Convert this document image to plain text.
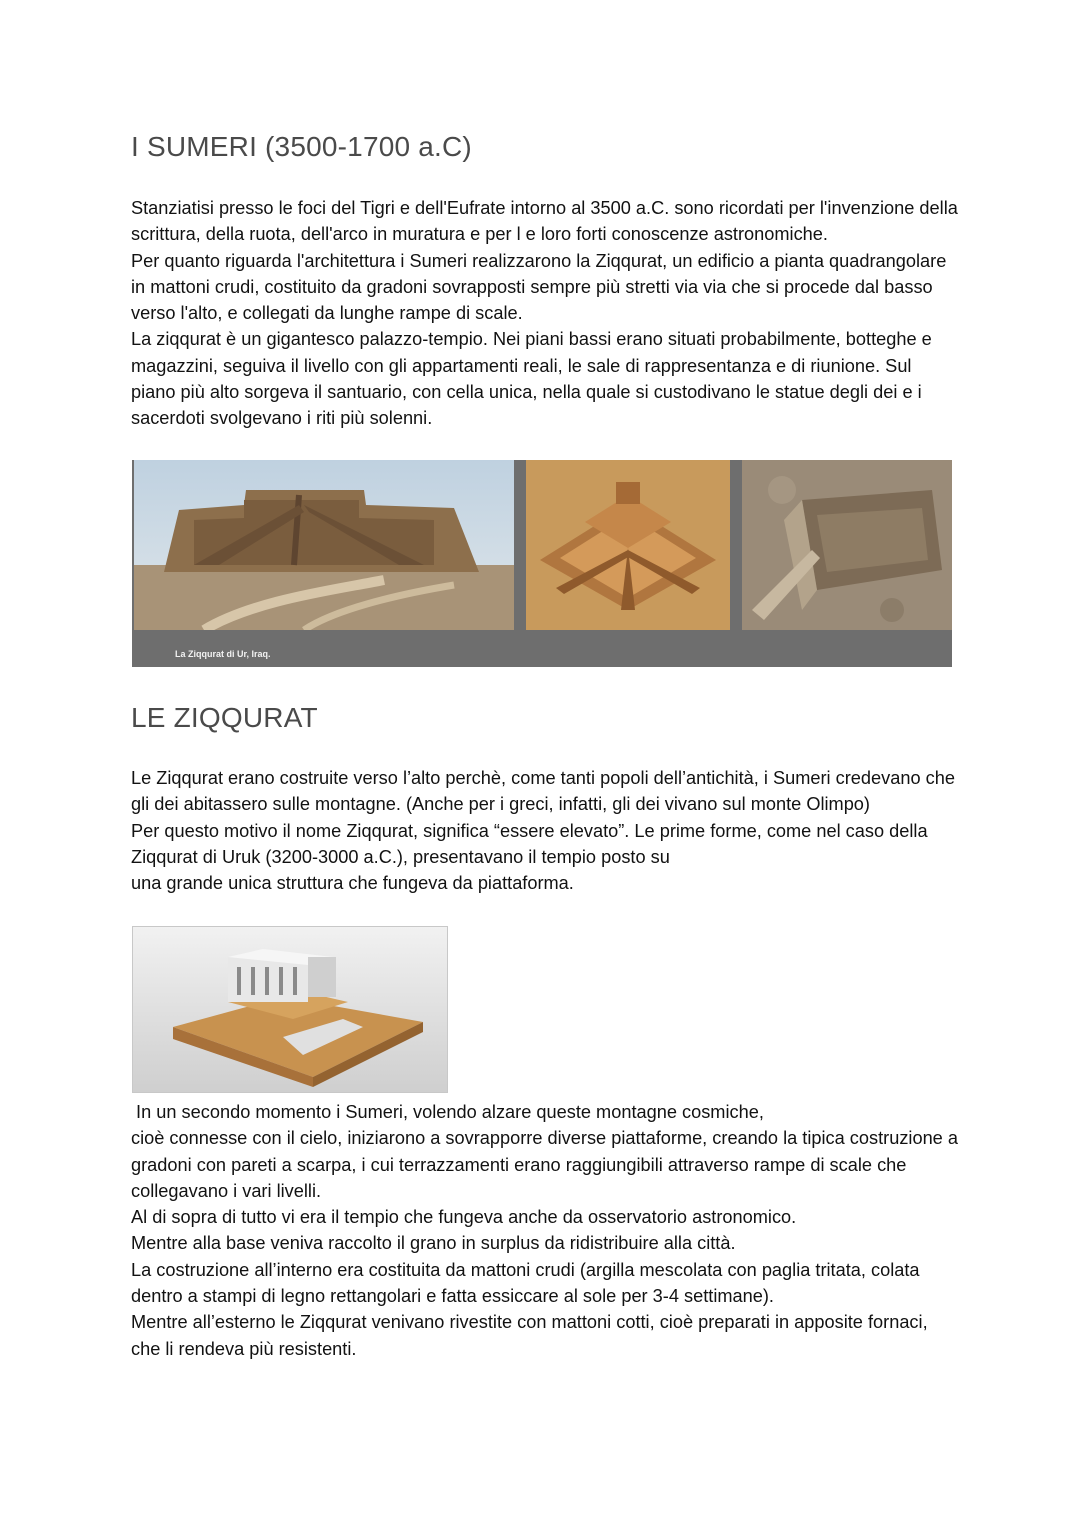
I SUMERI (3500-1700 a.C)

Stanziatisi presso le foci del Tigri e dell'Eufrate intorno al 3500 a.C. sono ricordati per l'invenzione della scrittura, della ruota, dell'arco in muratura e per l e loro forti conoscenze astronomiche.

Per quanto riguarda l'architettura i Sumeri realizzarono la Ziqqurat, un edificio a pianta quadrangolare in mattoni crudi, costituito da gradoni sovrapposti sempre più stretti via via che si procede dal basso verso l'alto, e collegati da lunghe rampe di scale.

La ziqqurat è un gigantesco palazzo-tempio. Nei piani bassi erano situati probabilmente, botteghe e magazzini, seguiva il livello con gli appartamenti reali, le sale di rappresentanza e di riunione. Sul piano più alto sorgeva il santuario, con cella unica, nella quale si custodivano le statue degli dei e i sacerdoti svolgevano i riti più solenni.

La Ziqqurat di Ur, Iraq.
LE ZIQQURAT

Le Ziqqurat erano costruite verso l’alto perchè, come tanti popoli dell’antichità, i Sumeri credevano che gli dei abitassero sulle montagne. (Anche per i greci, infatti, gli dei vivano sul monte Olimpo)

Per questo motivo il nome Ziqqurat, significa “essere elevato”. Le prime forme, come nel caso della Ziqqurat di Uruk (3200-3000 a.C.), presentavano il tempio posto su

una grande unica struttura che fungeva da piattaforma.

In un secondo momento i Sumeri, volendo alzare queste montagne cosmiche,

cioè connesse con il cielo, iniziarono a sovrapporre diverse piattaforme, creando la tipica costruzione a gradoni con pareti a scarpa, i cui terrazzamenti erano raggiungibili attraverso rampe di scale che collegavano i vari livelli.

Al di sopra di tutto vi era il tempio che fungeva anche da osservatorio astronomico.

Mentre alla base veniva raccolto il grano in surplus da ridistribuire alla città.

La costruzione all’interno era costituita da mattoni crudi (argilla mescolata con paglia tritata, colata dentro a stampi di legno rettangolari e fatta essiccare al sole per 3-4 settimane).

Mentre all’esterno le Ziqqurat venivano rivestite con mattoni cotti, cioè preparati in apposite fornaci, che li rendeva più resistenti.
